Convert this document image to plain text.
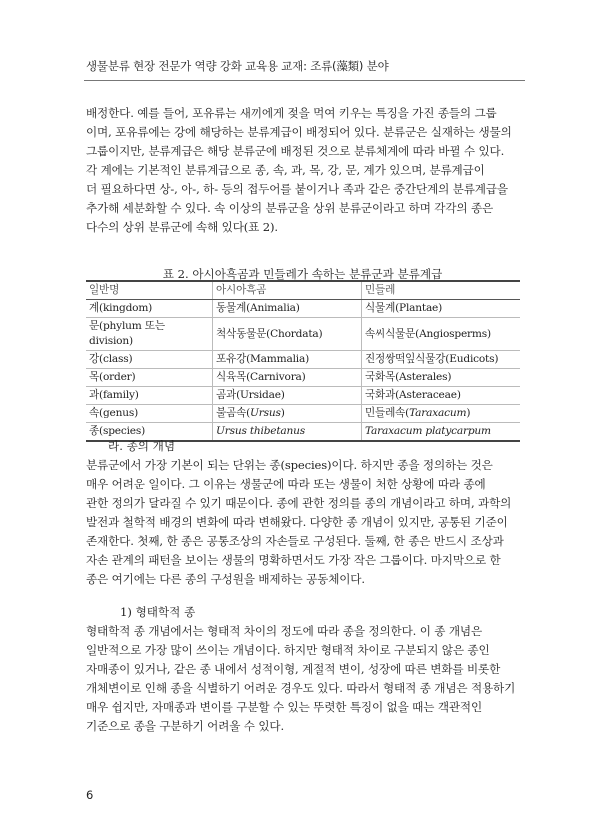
생물분류 현장 전문가 역량 강화 교육용 교재: 조류(藻類) 분야
배정한다. 예를 들어, 포유류는 새끼에게 젖을 먹여 키우는 특징을 가진 종들의 그룹
이며, 포유류에는 강에 해당하는 분류계급이 배정되어 있다. 분류군은 실재하는 생물의
그룹이지만, 분류계급은 해당 분류군에 배정된 것으로 분류체계에 따라 바뀔 수 있다.
각 계에는 기본적인 분류계급으로 종, 속, 과, 목, 강, 문, 계가 있으며, 분류계급이
더 필요하다면 상-, 아-, 하- 등의 접두어를 붙이거나 족과 같은 중간단계의 분류계급을
추가해 세분화할 수 있다. 속 이상의 분류군을 상위 분류군이라고 하며 각각의 종은
다수의 상위 분류군에 속해 있다(표 2).
표 2. 아시아흑곰과 민들레가 속하는 분류군과 분류계급
일반명	아시아흑곰	민들레
계(kingdom)	동물계(Animalia)	식물계(Plantae)
문(phylum 또는 division)	척삭동물문(Chordata)	속씨식물문(Angiosperms)
강(class)	포유강(Mammalia)	진정쌍떡잎식물강(Eudicots)
목(order)	식육목(Carnivora)	국화목(Asterales)
과(family)	곰과(Ursidae)	국화과(Asteraceae)
속(genus)	불곰속(Ursus)	민들레속(Taraxacum)
종(species)	Ursus thibetanus	Taraxacum platycarpum
라. 종의 개념
분류군에서 가장 기본이 되는 단위는 종(species)이다. 하지만 종을 정의하는 것은
매우 어려운 일이다. 그 이유는 생물군에 따라 또는 생물이 처한 상황에 따라 종에
관한 정의가 달라질 수 있기 때문이다. 종에 관한 정의를 종의 개념이라고 하며, 과학의
발전과 철학적 배경의 변화에 따라 변해왔다. 다양한 종 개념이 있지만, 공통된 기준이
존재한다. 첫째, 한 종은 공통조상의 자손들로 구성된다. 둘째, 한 종은 반드시 조상과
자손 관계의 패턴을 보이는 생물의 명확하면서도 가장 작은 그룹이다. 마지막으로 한
종은 여기에는 다른 종의 구성원을 배제하는 공동체이다.
1) 형태학적 종
형태학적 종 개념에서는 형태적 차이의 정도에 따라 종을 정의한다. 이 종 개념은
일반적으로 가장 많이 쓰이는 개념이다. 하지만 형태적 차이로 구분되지 않은 종인
자매종이 있거나, 같은 종 내에서 성적이형, 계절적 변이, 성장에 따른 변화를 비롯한
개체변이로 인해 종을 식별하기 어려운 경우도 있다. 따라서 형태적 종 개념은 적용하기
매우 쉽지만, 자매종과 변이를 구분할 수 있는 뚜렷한 특징이 없을 때는 객관적인
기준으로 종을 구분하기 어려울 수 있다.
6
